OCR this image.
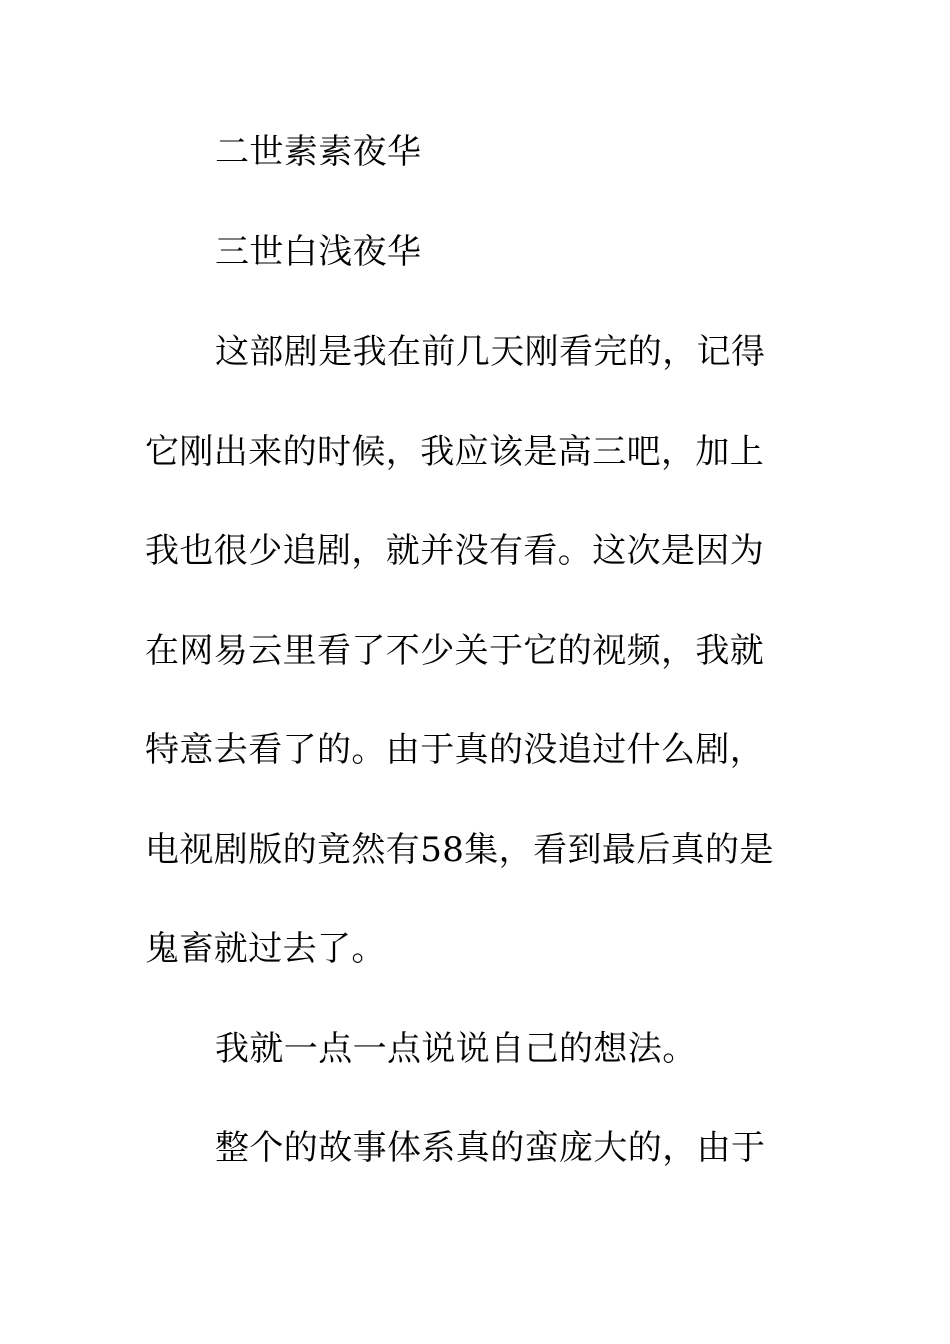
二世素素夜华
三世白浅夜华
这部剧是我在前几天刚看完的，记得
它刚出来的时候，我应该是高三吧，加上
我也很少追剧，就并没有看。这次是因为
在网易云里看了不少关于它的视频，我就
特意去看了的。由于真的没追过什么剧，
电视剧版的竟然有58集，看到最后真的是
鬼畜就过去了。
我就一点一点说说自己的想法。
整个的故事体系真的蛮庞大的，由于
